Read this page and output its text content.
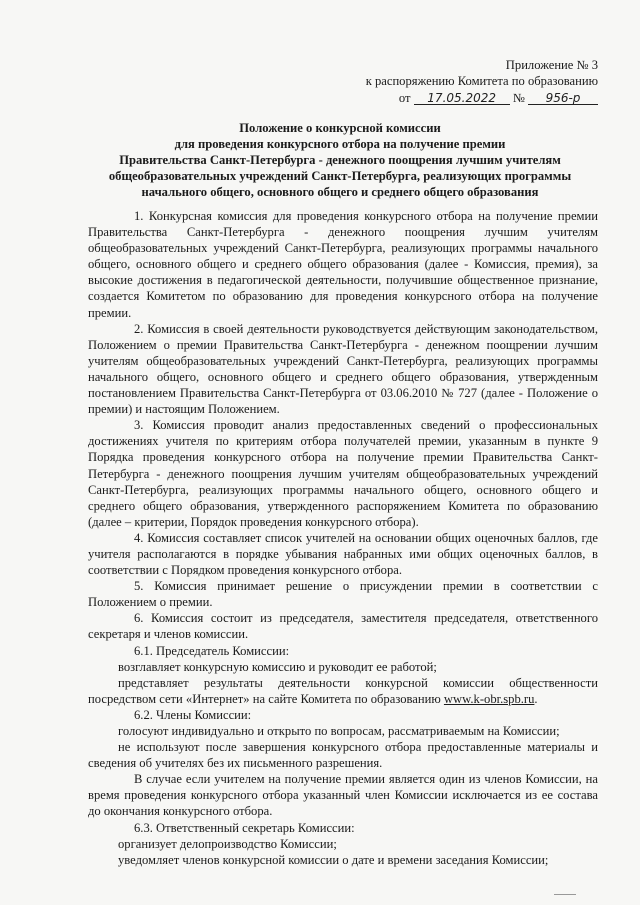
Приложение № 3
к распоряжению Комитета по образованию
от 17.05.2022 № 956-р
Положение о конкурсной комиссии
для проведения конкурсного отбора на получение премии
Правительства Санкт-Петербурга - денежного поощрения лучшим учителям
общеобразовательных учреждений Санкт-Петербурга, реализующих программы
начального общего, основного общего и среднего общего образования

1. Конкурсная комиссия для проведения конкурсного отбора на получение премии Правительства Санкт-Петербурга - денежного поощрения лучшим учителям общеобразовательных учреждений Санкт-Петербурга, реализующих программы начального общего, основного общего и среднего общего образования (далее - Комиссия, премия), за высокие достижения в педагогической деятельности, получившие общественное признание, создается Комитетом по образованию для проведения конкурсного отбора на получение премии.

2. Комиссия в своей деятельности руководствуется действующим законодательством, Положением о премии Правительства Санкт-Петербурга - денежном поощрении лучшим учителям общеобразовательных учреждений Санкт-Петербурга, реализующих программы начального общего, основного общего и среднего общего образования, утвержденным постановлением Правительства Санкт-Петербурга от 03.06.2010 № 727 (далее - Положение о премии) и настоящим Положением.

3. Комиссия проводит анализ предоставленных сведений о профессиональных достижениях учителя по критериям отбора получателей премии, указанным в пункте 9 Порядка проведения конкурсного отбора на получение премии Правительства Санкт-Петербурга - денежного поощрения лучшим учителям общеобразовательных учреждений Санкт-Петербурга, реализующих программы начального общего, основного общего и среднего общего образования, утвержденного распоряжением Комитета по образованию (далее – критерии, Порядок проведения конкурсного отбора).

4. Комиссия составляет список учителей на основании общих оценочных баллов, где учителя располагаются в порядке убывания набранных ими общих оценочных баллов, в соответствии с Порядком проведения конкурсного отбора.

5. Комиссия принимает решение о присуждении премии в соответствии с Положением о премии.

6. Комиссия состоит из председателя, заместителя председателя, ответственного секретаря и членов комиссии.

6.1. Председатель Комиссии:

возглавляет конкурсную комиссию и руководит ее работой;

представляет результаты деятельности конкурсной комиссии общественности посредством сети «Интернет» на сайте Комитета по образованию www.k-obr.spb.ru.

6.2. Члены Комиссии:

голосуют индивидуально и открыто по вопросам, рассматриваемым на Комиссии;

не используют после завершения конкурсного отбора предоставленные материалы и сведения об учителях без их письменного разрешения.

В случае если учителем на получение премии является один из членов Комиссии, на время проведения конкурсного отбора указанный член Комиссии исключается из ее состава до окончания конкурсного отбора.

6.3. Ответственный секретарь Комиссии:

организует делопроизводство Комиссии;

уведомляет членов конкурсной комиссии о дате и времени заседания Комиссии;
